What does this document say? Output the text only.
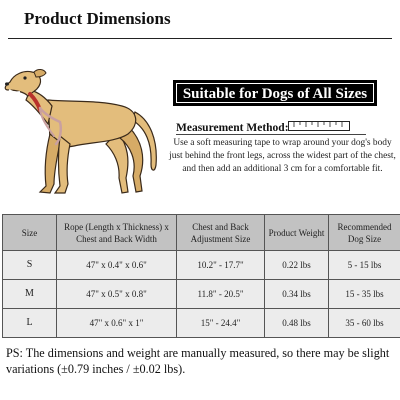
Product Dimensions
Suitable for Dogs of All Sizes
Measurement Method:
Use a soft measuring tape to wrap around your dog's body just behind the front legs, across the widest part of the chest, and then add an additional 3 cm for a comfortable fit.
Size	Rope (Length x Thickness) x Chest and Back Width	Chest and Back Adjustment Size	Product Weight	Recommended Dog Size
S	47" x 0.4" x 0.6"	10.2" - 17.7"	0.22 lbs	5 - 15 lbs
M	47" x 0.5" x 0.8"	11.8" - 20.5"	0.34 lbs	15 - 35 lbs
L	47" x 0.6" x 1"	15" - 24.4"	0.48 lbs	35 - 60 lbs
PS: The dimensions and weight are manually measured, so there may be slight variations (±0.79 inches / ±0.02 lbs).
